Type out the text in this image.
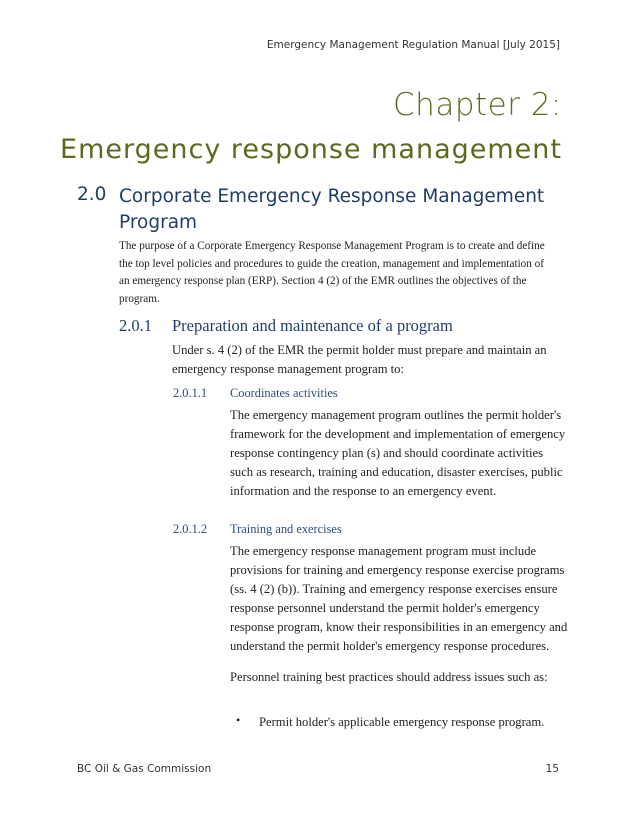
Emergency Management Regulation Manual [July 2015]
Chapter 2:
Emergency response management
2.0 Corporate Emergency Response Management Program
The purpose of a Corporate Emergency Response Management Program is to create and define the top level policies and procedures to guide the creation, management and implementation of an emergency response plan (ERP). Section 4 (2) of the EMR outlines the objectives of the program.
2.0.1 Preparation and maintenance of a program
Under s. 4 (2) of the EMR the permit holder must prepare and maintain an emergency response management program to:
2.0.1.1 Coordinates activities
The emergency management program outlines the permit holder's framework for the development and implementation of emergency response contingency plan (s) and should coordinate activities such as research, training and education, disaster exercises, public information and the response to an emergency event.
2.0.1.2 Training and exercises
The emergency response management program must include provisions for training and emergency response exercise programs (ss. 4 (2) (b)). Training and emergency response exercises ensure response personnel understand the permit holder's emergency response program, know their responsibilities in an emergency and understand the permit holder's emergency response procedures.
Personnel training best practices should address issues such as:
• Permit holder's applicable emergency response program.
BC Oil & Gas Commission	15
